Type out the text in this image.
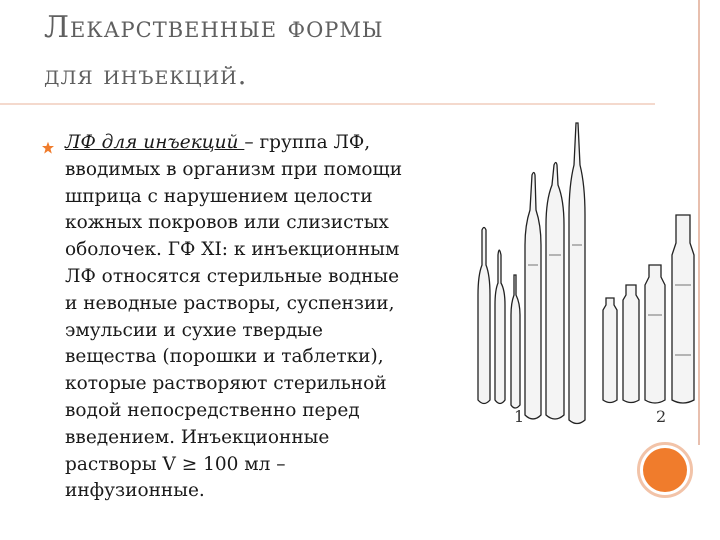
Лекарственные формы
для инъекций.
ЛФ для инъекций – группа ЛФ,
вводимых в организм при помощи
шприца с нарушением целости
кожных покровов или слизистых
оболочек. ГФ XI: к инъекционным
ЛФ относятся стерильные водные
и неводные растворы, суспензии,
эмульсии и сухие твердые
вещества (порошки и таблетки),
которые растворяют стерильной
водой непосредственно перед
введением. Инъекционные
растворы V ≥ 100 мл –
инфузионные.
1	2
